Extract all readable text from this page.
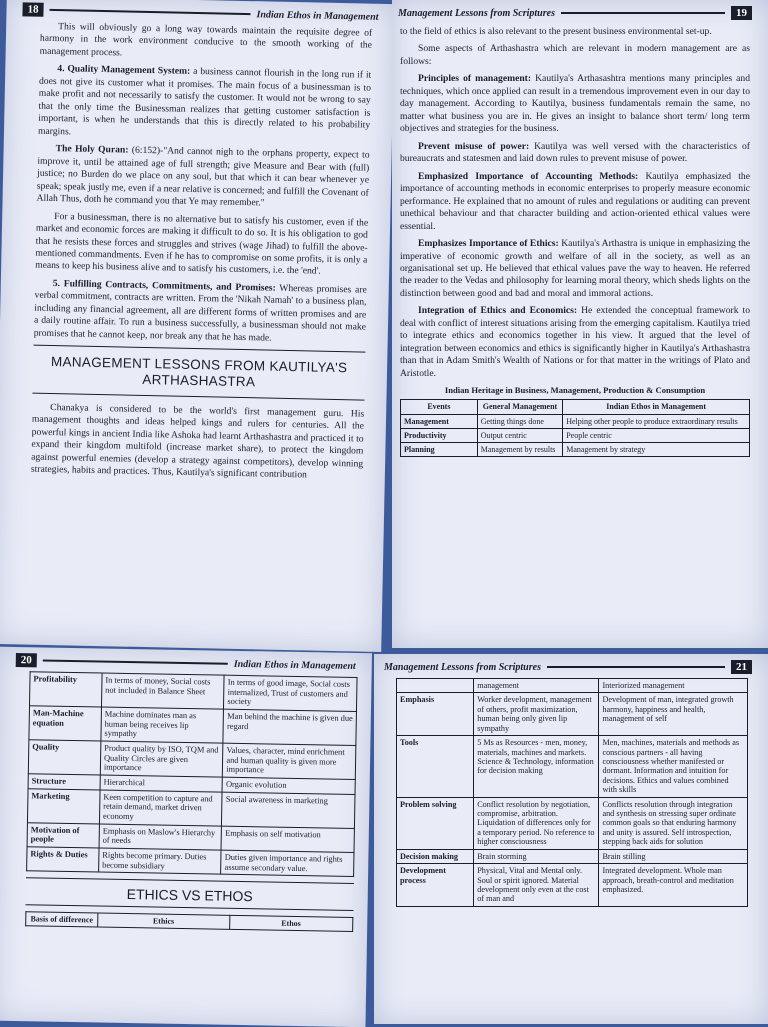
18	Indian Ethos in Management

This will obviously go a long way towards maintain the requisite degree of harmony in the work environment conducive to the smooth working of the management process.

4. Quality Management System: a business cannot flourish in the long run if it does not give its customer what it promises. The main focus of a businessman is to make profit and not necessarily to satisfy the customer. It would not be wrong to say that the only time the Businessman realizes that getting customer satisfaction is important, is when he understands that this is directly related to his probability margins.

The Holy Quran: (6:152)-"And cannot nigh to the orphans property, expect to improve it, until be attained age of full strength; give Measure and Bear with (full) justice; no Burden do we place on any soul, but that which it can bear whenever ye speak; speak justly me, even if a near relative is concerned; and fulfill the Covenant of Allah Thus, doth he command you that Ye may remember."

For a businessman, there is no alternative but to satisfy his customer, even if the market and economic forces are making it difficult to do so. It is his obligation to god that he resists these forces and struggles and strives (wage Jihad) to fulfill the above-mentioned commandments. Even if he has to compromise on some profits, it is only a means to keep his business alive and to satisfy his customers, i.e. the 'end'.

5. Fulfilling Contracts, Commitments, and Promises: Whereas promises are verbal commitment, contracts are written. From the 'Nikah Namah' to a business plan, including any financial agreement, all are different forms of written promises and are a daily routine affair. To run a business successfully, a businessman should not make promises that he cannot keep, nor break any that he has made.

MANAGEMENT LESSONS FROM KAUTILYA'S ARTHASHASTRA

Chanakya is considered to be the world's first management guru. His management thoughts and ideas helped kings and rulers for centuries. All the powerful kings in ancient India like Ashoka had learnt Arthashastra and practiced it to expand their kingdom multifold (increase market share), to protect the kingdom against powerful enemies (develop a strategy against competitors), develop winning strategies, habits and practices. Thus, Kautilya's significant contribution

Management Lessons from Scriptures	19

to the field of ethics is also relevant to the present business environmental set-up.

Some aspects of Arthashastra which are relevant in modern management are as follows:

Principles of management: Kautilya's Arthasashtra mentions many principles and techniques, which once applied can result in a tremendous improvement even in our day to day management. According to Kautilya, business fundamentals remain the same, no matter what business you are in. He gives an insight to balance short term/ long term objectives and strategies for the business.

Prevent misuse of power: Kautilya was well versed with the characteristics of bureaucrats and statesmen and laid down rules to prevent misuse of power.

Emphasized Importance of Accounting Methods: Kautilya emphasized the importance of accounting methods in economic enterprises to properly measure economic performance. He explained that no amount of rules and regulations or auditing can prevent unethical behaviour and that character building and action-oriented ethical values were essential.

Emphasizes Importance of Ethics: Kautilya's Arthastra is unique in emphasizing the imperative of economic growth and welfare of all in the society, as well as an organisational set up. He believed that ethical values pave the way to heaven. He referred the reader to the Vedas and philosophy for learning moral theory, which sheds lights on the distinction between good and bad and moral and immoral actions.

Integration of Ethics and Economics: He extended the conceptual framework to deal with conflict of interest situations arising from the emerging capitalism. Kautilya tried to integrate ethics and economics together in his view. It argued that the level of integration between economics and ethics is significantly higher in Kautilya's Arthashastra than that in Adam Smith's Wealth of Nations or for that matter in the writings of Plato and Aristotle.

Indian Heritage in Business, Management, Production & Consumption
Events	General Management	Indian Ethos in Management
Management	Getting things done	Helping other people to produce extraordinary results
Productivity	Output centric	People centric
Planning	Management by results	Management by strategy
20	Indian Ethos in Management
Profitability	In terms of money, Social costs not included in Balance Sheet	In terms of good image, Social costs internalized, Trust of customers and society
Man-Machine equation	Machine dominates man as human being receives lip sympathy	Man behind the machine is given due regard
Quality	Product quality by ISO, TQM and Quality Circles are given importance	Values, character, mind enrichment and human quality is given more importance
Structure	Hierarchical	Organic evolution
Marketing	Keen competition to capture and retain demand, market driven economy	Social awareness in marketing
Motivation of people	Emphasis on Maslow's Hierarchy of needs	Emphasis on self motivation
Rights & Duties	Rights become primary. Duties become subsidiary	Duties given importance and rights assume secondary value.
ETHICS VS ETHOS
Basis of difference	Ethics	Ethos
Management Lessons from Scriptures	21
	management	Interiorized management
Emphasis	Worker development, management of others, profit maximization, human being only given lip sympathy	Development of man, integrated growth harmony, happiness and health, management of self
Tools	5 Ms as Resources - men, money, materials, machines and markets. Science & Technology, information for decision making	Men, machines, materials and methods as conscious partners - all having consciousness whether manifested or dormant. Information and intuition for decisions. Ethics and values combined with skills
Problem solving	Conflict resolution by negotiation, compromise, arbitration. Liquidation of differences only for a temporary period. No reference to higher consciousness	Conflicts resolution through integration and synthesis on stressing super ordinate common goals so that enduring harmony and unity is assured. Self introspection, stepping back aids for solution
Decision making	Brain storming	Brain stilling
Development process	Physical, Vital and Mental only. Soul or spirit ignored. Material development only even at the cost of man and	Integrated development. Whole man approach, breath-control and meditation emphasized.
